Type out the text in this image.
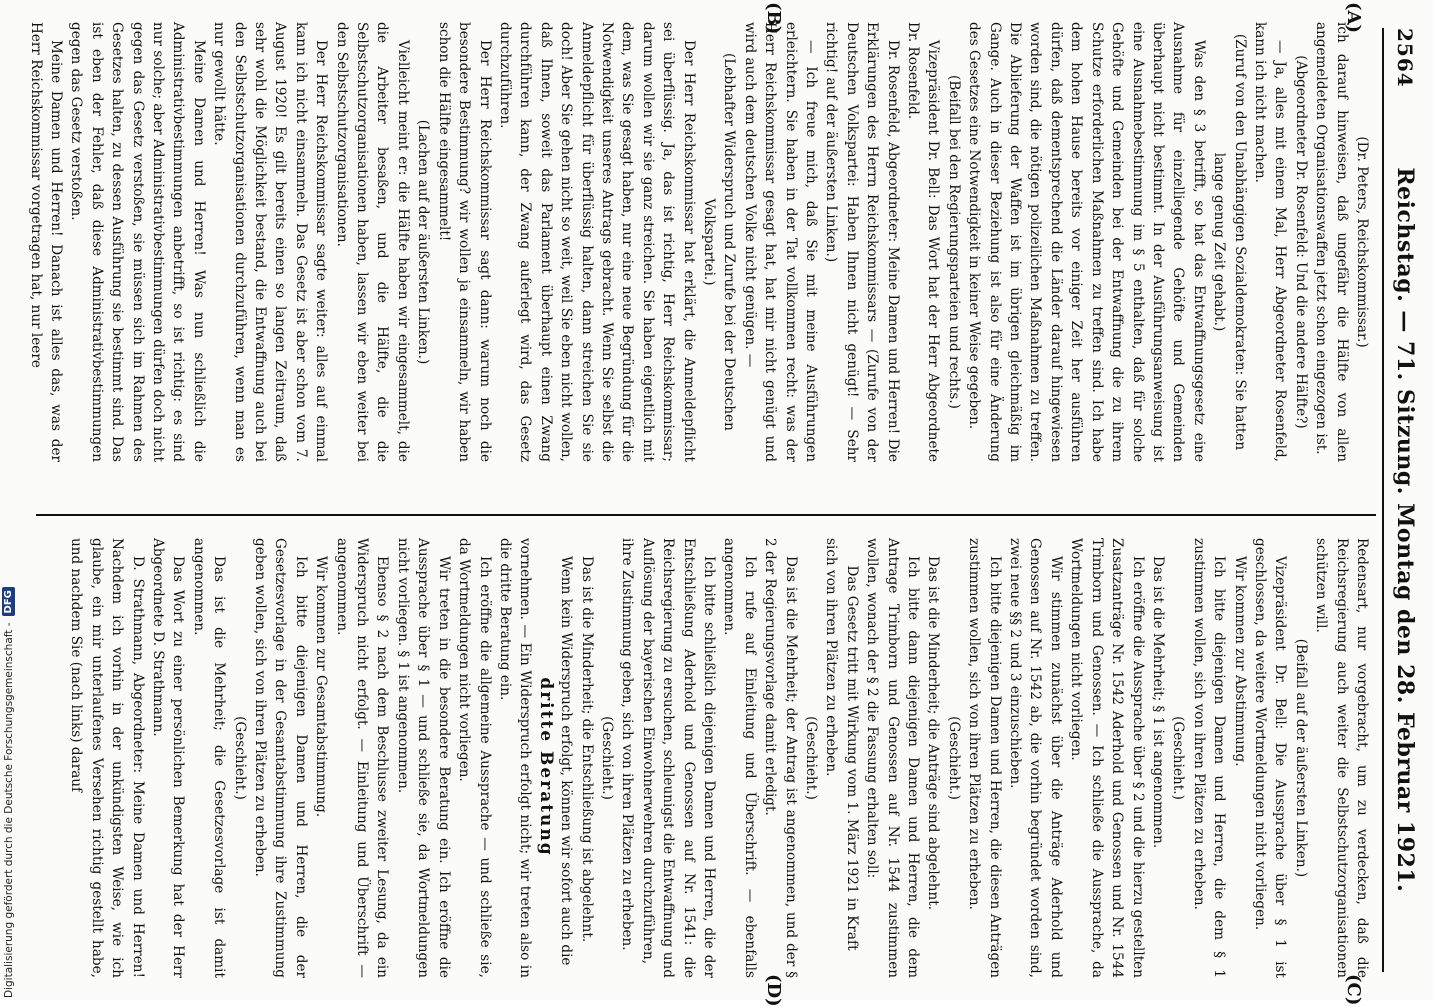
2564
Reichstag. — 71. Sitzung. Montag den 28. Februar 1921.
(A)
(B)
(C)
(D)

(Dr. Peters, Reichskommissar.)

ich darauf hinweisen, daß ungefähr die Hälfte von allen angemeldeten Organisationswaffen jetzt schon eingezogen ist.

(Abgeordneter Dr. Rosenfeld: Und die andere Hälfte?)

— Ja, alles mit einem Mal, Herr Abgeordneter Rosenfeld, kann ich nicht machen.

(Zuruf von den Unabhängigen Sozialdemokraten: Sie hatten lange genug Zeit gehabt.)

Was den § 3 betrifft, so hat das Entwaffnungsgesetz eine Ausnahme für einzelliegende Gehöfte und Gemeinden überhaupt nicht bestimmt. In der Ausführungsanweisung ist eine Ausnahmebestimmung im § 5 enthalten, daß für solche Gehöfte und Gemeinden bei der Entwaffnung die zu ihrem Schutze erforderlichen Maßnahmen zu treffen sind. Ich habe dem hohen Hause bereits vor einiger Zeit her ausführen dürfen, daß dementsprechend die Länder darauf hingewiesen worden sind, die nötigen polizeilichen Maßnahmen zu treffen. Die Ablieferung der Waffen ist im übrigen gleichmäßig im Gange. Auch in dieser Beziehung ist also für eine Änderung des Gesetzes eine Notwendigkeit in keiner Weise gegeben.

(Beifall bei den Regierungsparteien und rechts.)

Vizepräsident Dr. Bell: Das Wort hat der Herr Abgeordnete Dr. Rosenfeld.

Dr. Rosenfeld, Abgeordneter: Meine Damen und Herren! Die Erklärungen des Herrn Reichskommissars — (Zurufe von der Deutschen Volkspartei: Haben Ihnen nicht genügt! — Sehr richtig! auf der äußersten Linken.)

— Ich freue mich, daß Sie mit meine Ausführungen erleichtern. Sie haben in der Tat vollkommen recht: was der Herr Reichskommissar gesagt hat, hat mir nicht genügt und wird auch dem deutschen Volke nicht genügen. —

(Lebhafter Widerspruch und Zurufe bei der Deutschen Volkspartei.)

Der Herr Reichskommissar hat erklärt, die Anmeldepflicht sei überflüssig. Ja, das ist richtig, Herr Reichskommissar; darum wollen wir sie ganz streichen. Sie haben eigentlich mit dem, was Sie gesagt haben, nur eine neue Begründung für die Notwendigkeit unseres Antrags gebracht. Wenn Sie selbst die Anmeldepflicht für überflüssig halten, dann streichen Sie sie doch! Aber Sie gehen nicht so weit, weil Sie eben nicht wollen, daß Ihnen, soweit das Parlament überhaupt einen Zwang durchführen kann, der Zwang auferlegt wird, das Gesetz durchzuführen.

Der Herr Reichskommissar sagt dann: warum noch die besondere Bestimmung? wir wollen ja einsammeln, wir haben schon die Hälfte eingesammelt!

(Lachen auf der äußersten Linken.)

Vielleicht meint er: die Hälfte haben wir eingesammelt, die die Arbeiter besaßen, und die Hälfte, die die Selbstschutzorganisationen haben, lassen wir eben weiter bei den Selbstschutzorganisationen.

Der Herr Reichskommissar sagte weiter: alles auf einmal kann ich nicht einsammeln. Das Gesetz ist aber schon vom 7. August 1920! Es gilt bereits einen so langen Zeitraum, daß sehr wohl die Möglichkeit bestand, die Entwaffnung auch bei den Selbstschutzorganisationen durchzuführen, wenn man es nur gewollt hätte.

Meine Damen und Herren! Was nun schließlich die Administrativbestimmungen anbetrifft, so ist richtig: es sind nur solche; aber Administrativbestimmungen dürfen doch nicht gegen das Gesetz verstoßen, sie müssen sich im Rahmen des Gesetzes halten, zu dessen Ausführung sie bestimmt sind. Das ist eben der Fehler, daß diese Administrativbestimmungen gegen das Gesetz verstoßen.

Meine Damen und Herren! Danach ist alles das, was der Herr Reichskommissar vorgetragen hat, nur leere

Redensart, nur vorgebracht, um zu verdecken, daß die Reichsregierung auch weiter die Selbstschutzorganisationen schützen will.

(Beifall auf der äußersten Linken.)

Vizepräsident Dr. Bell: Die Aussprache über § 1 ist geschlossen, da weitere Wortmeldungen nicht vorliegen.

Wir kommen zur Abstimmung.

Ich bitte diejenigen Damen und Herren, die dem § 1 zustimmen wollen, sich von ihren Plätzen zu erheben.

(Geschieht.)

Das ist die Mehrheit; § 1 ist angenommen.

Ich eröffne die Aussprache über § 2 und die hierzu gestellten Zusatzanträge Nr. 1542 Aderhold und Genossen und Nr. 1544 Trimborn und Genossen. — Ich schließe die Aussprache, da Wortmeldungen nicht vorliegen.

Wir stimmen zunächst über die Anträge Aderhold und Genossen auf Nr. 1542 ab, die vorhin begründet worden sind, zwei neue §§ 2 und 3 einzuschieben.

Ich bitte diejenigen Damen und Herren, die diesen Anträgen zustimmen wollen, sich von ihren Plätzen zu erheben.

(Geschieht.)

Das ist die Minderheit; die Anträge sind abgelehnt.

Ich bitte dann diejenigen Damen und Herren, die dem Antrage Trimborn und Genossen auf Nr. 1544 zustimmen wollen, wonach der § 2 die Fassung erhalten soll:

Das Gesetz tritt mit Wirkung vom 1. März 1921 in Kraft

sich von ihren Plätzen zu erheben.

(Geschieht.)

Das ist die Mehrheit; der Antrag ist angenommen, und der § 2 der Regierungsvorlage damit erledigt.

Ich rufe auf Einleitung und Überschrift. — ebenfalls angenommen.

Ich bitte schließlich diejenigen Damen und Herren, die der Entschließung Aderhold und Genossen auf Nr. 1541: die Reichsregierung zu ersuchen, schleunigst die Entwaffnung und Auflösung der bayerischen Einwohnerwehren durchzuführen,

ihre Zustimmung geben, sich von ihren Plätzen zu erheben.

(Geschieht.)

Das ist die Minderheit; die Entschließung ist abgelehnt.

Wenn kein Widerspruch erfolgt, können wir sofort auch die

dritte Beratung

vornehmen. — Ein Widerspruch erfolgt nicht; wir treten also in die dritte Beratung ein.

Ich eröffne die allgemeine Aussprache — und schließe sie, da Wortmeldungen nicht vorliegen.

Wir treten in die besondere Beratung ein. Ich eröffne die Aussprache über § 1 — und schließe sie, da Wortmeldungen nicht vorliegen. § 1 ist angenommen.

Ebenso § 2 nach dem Beschlusse zweiter Lesung, da ein Widerspruch nicht erfolgt. — Einleitung und Überschrift — angenommen.

Wir kommen zur Gesamtabstimmung.

Ich bitte diejenigen Damen und Herren, die der Gesetzesvorlage in der Gesamtabstimmung ihre Zustimmung geben wollen, sich von ihren Plätzen zu erheben.

(Geschieht.)

Das ist die Mehrheit; die Gesetzesvorlage ist damit angenommen.

Das Wort zu einer persönlichen Bemerkung hat der Herr Abgeordnete D. Strathmann.

D. Strathmann, Abgeordneter: Meine Damen und Herren! Nachdem ich vorhin in der unkündigsten Weise, wie ich glaube, ein mir unterlaufenes Versehen richtig gestellt habe, und nachdem Sie (nach links) darauf

Digitalisierung gefördert durch die Deutsche Forschungsgemeinschaft -
DFG
